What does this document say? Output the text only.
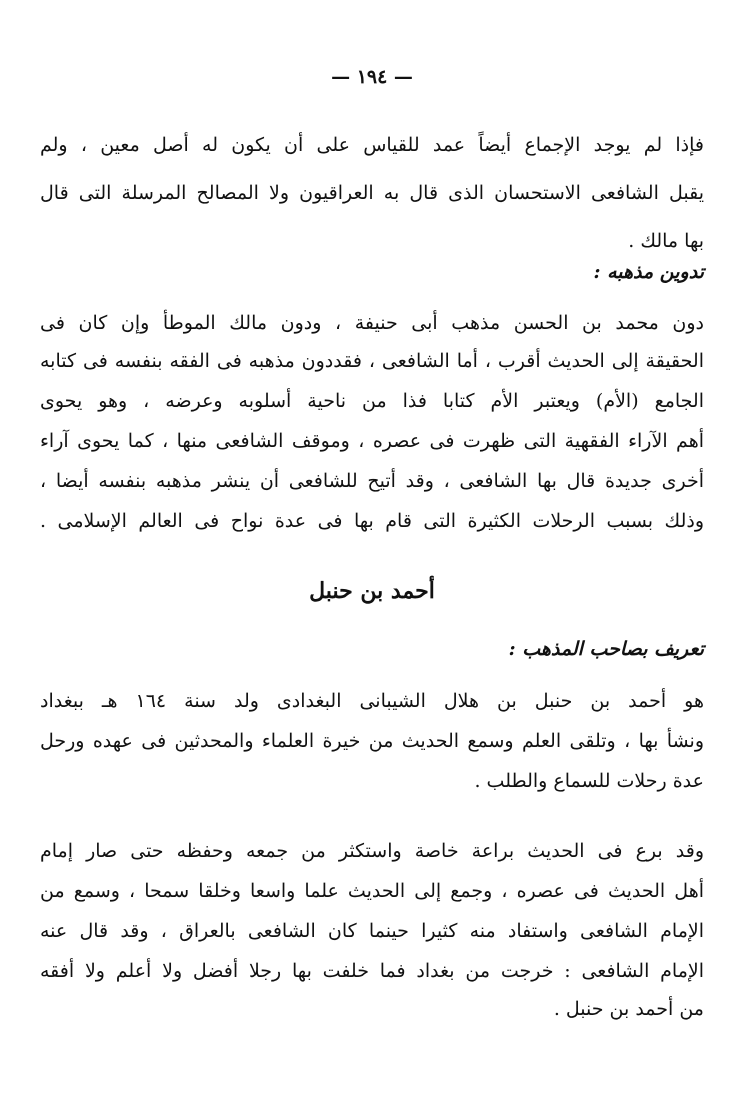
— ١٩٤ —
فإذا لم يوجد الإجماع أيضاً عمد للقياس على أن يكون له أصل معين ، ولم
يقبل الشافعى الاستحسان الذى قال به العراقيون ولا المصالح المرسلة التى قال
بها مالك .
تدوين مذهبه :
دون محمد بن الحسن مذهب أبى حنيفة ، ودون مالك الموطأ وإن كان فى
الحقيقة إلى الحديث أقرب ، أما الشافعى ، فقددون مذهبه فى الفقه بنفسه فى كتابه
الجامع (الأم) ويعتبر الأم كتابا فذا من ناحية أسلوبه وعرضه ، وهو يحوى
أهم الآراء الفقهية التى ظهرت فى عصره ، وموقف الشافعى منها ، كما يحوى آراء
أخرى جديدة قال بها الشافعى ، وقد أتيح للشافعى أن ينشر مذهبه بنفسه أيضا ،
وذلك بسبب الرحلات الكثيرة التى قام بها فى عدة نواح فى العالم الإسلامى .
أحمد بن حنبل
تعريف بصاحب المذهب :
هو أحمد بن حنبل بن هلال الشيبانى البغدادى ولد سنة ١٦٤ هـ ببغداد
ونشأ بها ، وتلقى العلم وسمع الحديث من خيرة العلماء والمحدثين فى عهده ورحل
عدة رحلات للسماع والطلب .
وقد برع فى الحديث براعة خاصة واستكثر من جمعه وحفظه حتى صار إمام
أهل الحديث فى عصره ، وجمع إلى الحديث علما واسعا وخلقا سمحا ، وسمع من
الإمام الشافعى واستفاد منه كثيرا حينما كان الشافعى بالعراق ، وقد قال عنه
الإمام الشافعى : خرجت من بغداد فما خلفت بها رجلا أفضل ولا أعلم ولا أفقه
من أحمد بن حنبل .
